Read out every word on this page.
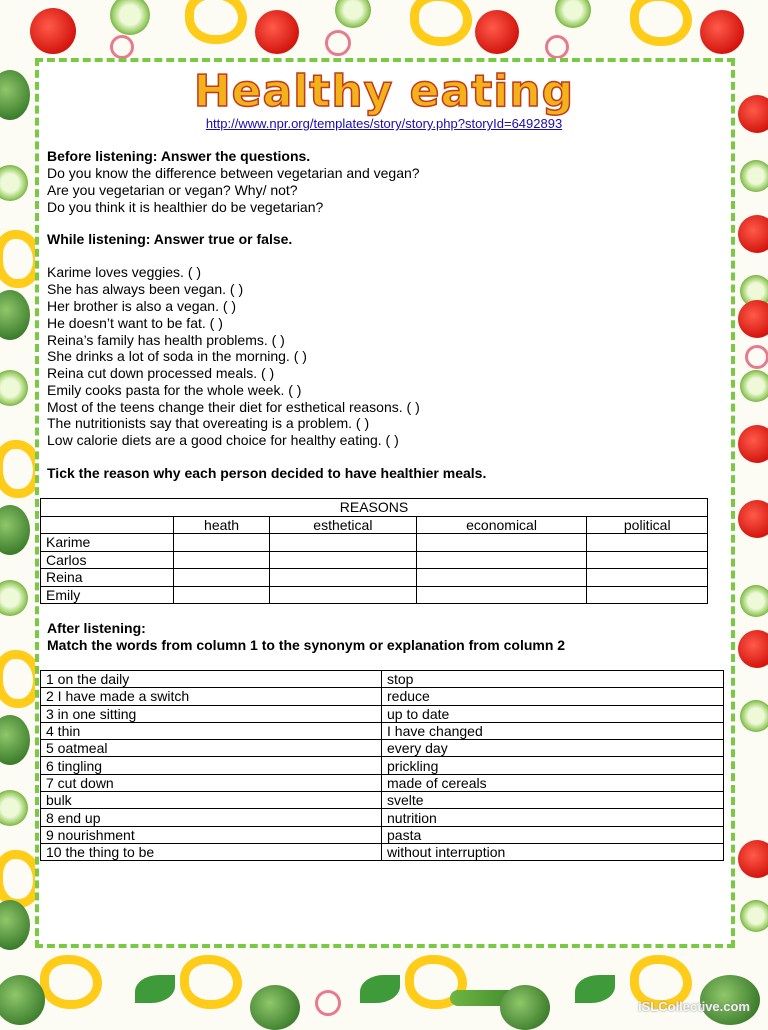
Healthy eating
http://www.npr.org/templates/story/story.php?storyId=6492893
Before listening: Answer the questions.
Do you know the difference between vegetarian and vegan?
Are you vegetarian or vegan? Why/ not?
Do you think it is healthier do be vegetarian?
While listening: Answer true or false.
Karime loves veggies. ( )
She has always been vegan. ( )
Her brother is also a vegan. ( )
He doesn’t want to be fat. ( )
Reina’s family has health problems. ( )
She drinks a lot of soda in the morning. ( )
Reina cut down processed meals. ( )
Emily cooks pasta for the whole week. ( )
Most of the teens change their diet for esthetical reasons. ( )
The nutritionists say that overeating is a problem. ( )
Low calorie diets are a good choice for healthy eating. ( )
Tick the reason why each person decided to have healthier meals.
REASONS				
	heath	esthetical	economical	political
Karime				
Carlos				
Reina				
Emily				
After listening:
Match the words from column 1 to the synonym or explanation from column 2
1 on the daily	stop
2 I have made a switch	reduce
3 in one sitting	up to date
4 thin	I have changed
5 oatmeal	every day
6 tingling	prickling
7 cut down	made of cereals
bulk	svelte
8 end up	nutrition
9 nourishment	pasta
10 the thing to be	without interruption
iSLCollective.com
